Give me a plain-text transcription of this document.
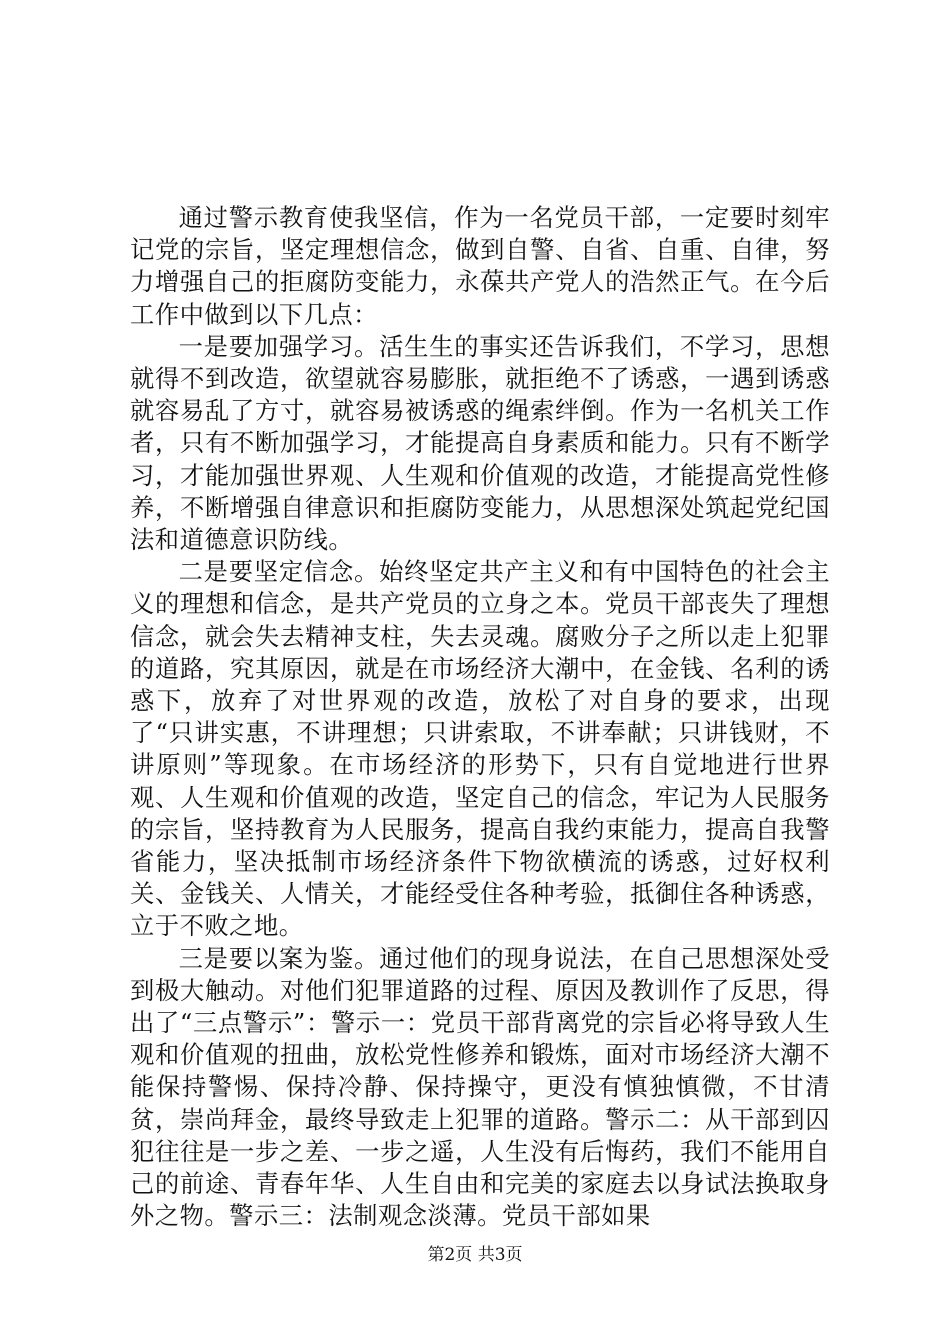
通过警示教育使我坚信，作为一名党员干部，一定要时刻牢记党的宗旨，坚定理想信念，做到自警、自省、自重、自律，努力增强自己的拒腐防变能力，永葆共产党人的浩然正气。在今后工作中做到以下几点：

一是要加强学习。活生生的事实还告诉我们，不学习，思想就得不到改造，欲望就容易膨胀，就拒绝不了诱惑，一遇到诱惑就容易乱了方寸，就容易被诱惑的绳索绊倒。作为一名机关工作者，只有不断加强学习，才能提高自身素质和能力。只有不断学习，才能加强世界观、人生观和价值观的改造，才能提高党性修养，不断增强自律意识和拒腐防变能力，从思想深处筑起党纪国法和道德意识防线。

二是要坚定信念。始终坚定共产主义和有中国特色的社会主义的理想和信念，是共产党员的立身之本。党员干部丧失了理想信念，就会失去精神支柱，失去灵魂。腐败分子之所以走上犯罪的道路，究其原因，就是在市场经济大潮中，在金钱、名利的诱惑下，放弃了对世界观的改造，放松了对自身的要求，出现了“只讲实惠，不讲理想；只讲索取，不讲奉献；只讲钱财，不讲原则”等现象。在市场经济的形势下，只有自觉地进行世界观、人生观和价值观的改造，坚定自己的信念，牢记为人民服务的宗旨，坚持教育为人民服务，提高自我约束能力，提高自我警省能力，坚决抵制市场经济条件下物欲横流的诱惑，过好权利关、金钱关、人情关，才能经受住各种考验，抵御住各种诱惑，立于不败之地。

三是要以案为鉴。通过他们的现身说法，在自己思想深处受到极大触动。对他们犯罪道路的过程、原因及教训作了反思，得出了“三点警示”：警示一：党员干部背离党的宗旨必将导致人生观和价值观的扭曲，放松党性修养和锻炼，面对市场经济大潮不能保持警惕、保持冷静、保持操守，更没有慎独慎微，不甘清贫，崇尚拜金，最终导致走上犯罪的道路。警示二：从干部到囚犯往往是一步之差、一步之遥，人生没有后悔药，我们不能用自己的前途、青春年华、人生自由和完美的家庭去以身试法换取身外之物。警示三：法制观念淡薄。党员干部如果

第2页 共3页
